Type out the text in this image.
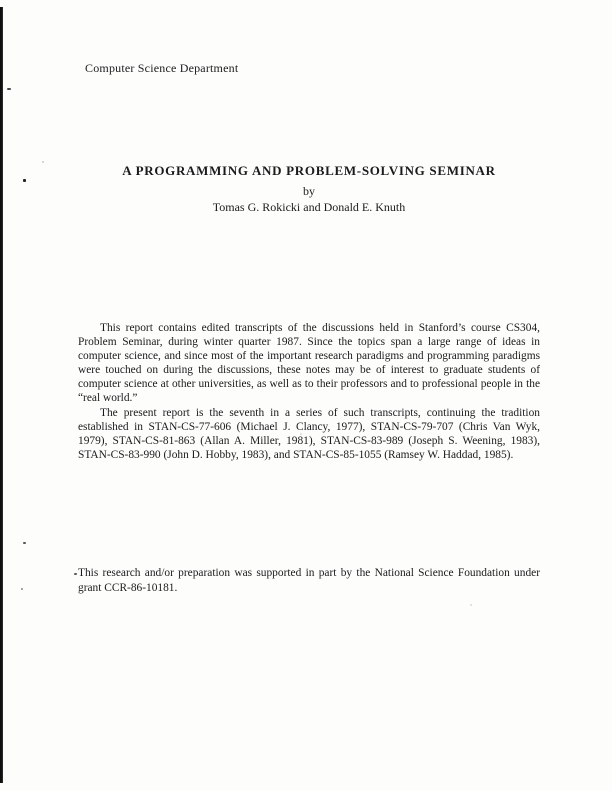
Computer Science Department
A PROGRAMMING AND PROBLEM-SOLVING SEMINAR
by
Tomas G. Rokicki and Donald E. Knuth

This report contains edited transcripts of the discussions held in Stanford’s course CS304, Problem Seminar, during winter quarter 1987. Since the topics span a large range of ideas in computer science, and since most of the important research paradigms and programming paradigms were touched on during the discussions, these notes may be of interest to graduate students of computer science at other universities, as well as to their professors and to professional people in the “real world.”

The present report is the seventh in a series of such transcripts, continuing the tradition established in STAN-CS-77-606 (Michael J. Clancy, 1977), STAN-CS-79-707 (Chris Van Wyk, 1979), STAN-CS-81-863 (Allan A. Miller, 1981), STAN-CS-83-989 (Joseph S. Weening, 1983), STAN-CS-83-990 (John D. Hobby, 1983), and STAN-CS-85-1055 (Ramsey W. Haddad, 1985).

This research and/or preparation was supported in part by the National Science Foundation under grant CCR-86-10181.
